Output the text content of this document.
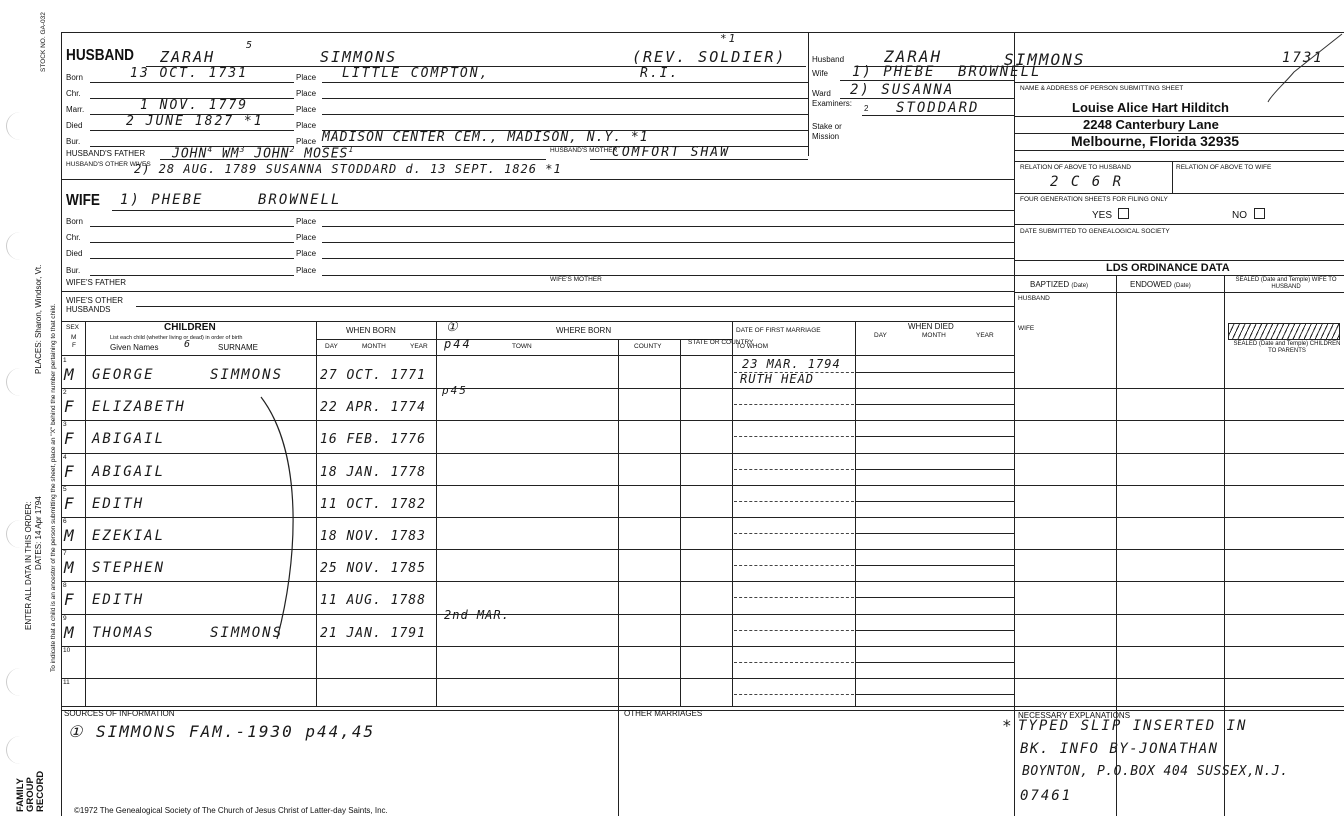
STOCK NO. GA-032
PLACES: Sharon, Windsor, Vt.
ENTER ALL DATA IN THIS ORDER: DATES: 14 Apr 1794 To indicate that a child is an ancestor of the person submitting the sheet, place an "X" behind the number pertaining to that child.
FAMILY GROUP RECORD
HUSBAND ZARAH
5
SIMMONS	(REV. SOLDIER)
*1
Born	Place
13 OCT. 1731	LITTLE COMPTON,	R.I.
Chr.	Place
Marr.	Place
1 NOV. 1779
Died	Place
2 JUNE 1827 *1
Bur.	Place MADISON CENTER CEM., MADISON, N.Y. *1
HUSBAND'S FATHER JOHN$^4$ $WM^3$ JOHN$^2$ MOSES$^1$	HUSBAND'S MOTHER
COMFORT SHAW
HUSBAND'S OTHER WIVES
2) 28 AUG. 1789 SUSANNA STODDARD d. 13 SEPT. 1826 *1
WIFE 1) PHEBE	BROWNELL
Born	Place
Chr.	Place
Died	Place
Bur.	Place
WIFE'S FATHER	WIFE'S MOTHER
WIFE'S OTHER HUSBANDS
SEX
M
F
CHILDREN
List each child (whether living or dead) in order of birth
Given Names	6	SURNAME
WHEN BORN
DAY	MONTH	YEAR
WHERE BORN
①
p44	TOWN	COUNTY
STATE OR COUNTRY
DATE OF FIRST MARRIAGE
TO WHOM
WHEN DIED
DAY	MONTH	YEAR
1
M GEORGE	SIMMONS	27 OCT. 1771
23 MAR. 1794
RUTH HEAD
2
F ELIZABETH	22 APR. 1774
3
F ABIGAIL	16 FEB. 1776
4
F ABIGAIL	18 JAN. 1778
5
F EDITH	11 OCT. 1782
6
M EZEKIAL	18 NOV. 1783
7
M STEPHEN	25 NOV. 1785
8
F EDITH	11 AUG. 1788
9
M THOMAS	SIMMONS	21 JAN. 1791
10
11
p45
2nd MAR.
SOURCES OF INFORMATION
① SIMMONS FAM.-1930 p44,45
OTHER MARRIAGES	NECESSARY EXPLANATIONS
* TYPED SLIP INSERTED IN
BK. INFO BY-JONATHAN
BOYNTON, P.O.BOX 404 SUSSEX,N.J.
07461
©1972 The Genealogical Society of The Church of Jesus Christ of Latter-day Saints, Inc.
Husband ZARAH	SIMMONS	1731
Wife 1) PHEBE BROWNELL
Ward 2) SUSANNA
Examiners:
2 STODDARD
Stake or
Mission
NAME & ADDRESS OF PERSON SUBMITTING SHEET
Louise Alice Hart Hilditch
2248 Canterbury Lane
Melbourne, Florida 32935
RELATION OF ABOVE TO HUSBAND	RELATION OF ABOVE TO WIFE
2 C 6 R
FOUR GENERATION SHEETS FOR FILING ONLY
YES	NO
DATE SUBMITTED TO GENEALOGICAL SOCIETY
LDS ORDINANCE DATA
BAPTIZED (Date)	ENDOWED (Date)
SEALED (Date and Temple) WIFE TO HUSBAND
HUSBAND
WIFE
SEALED (Date and Temple) CHILDREN TO PARENTS
